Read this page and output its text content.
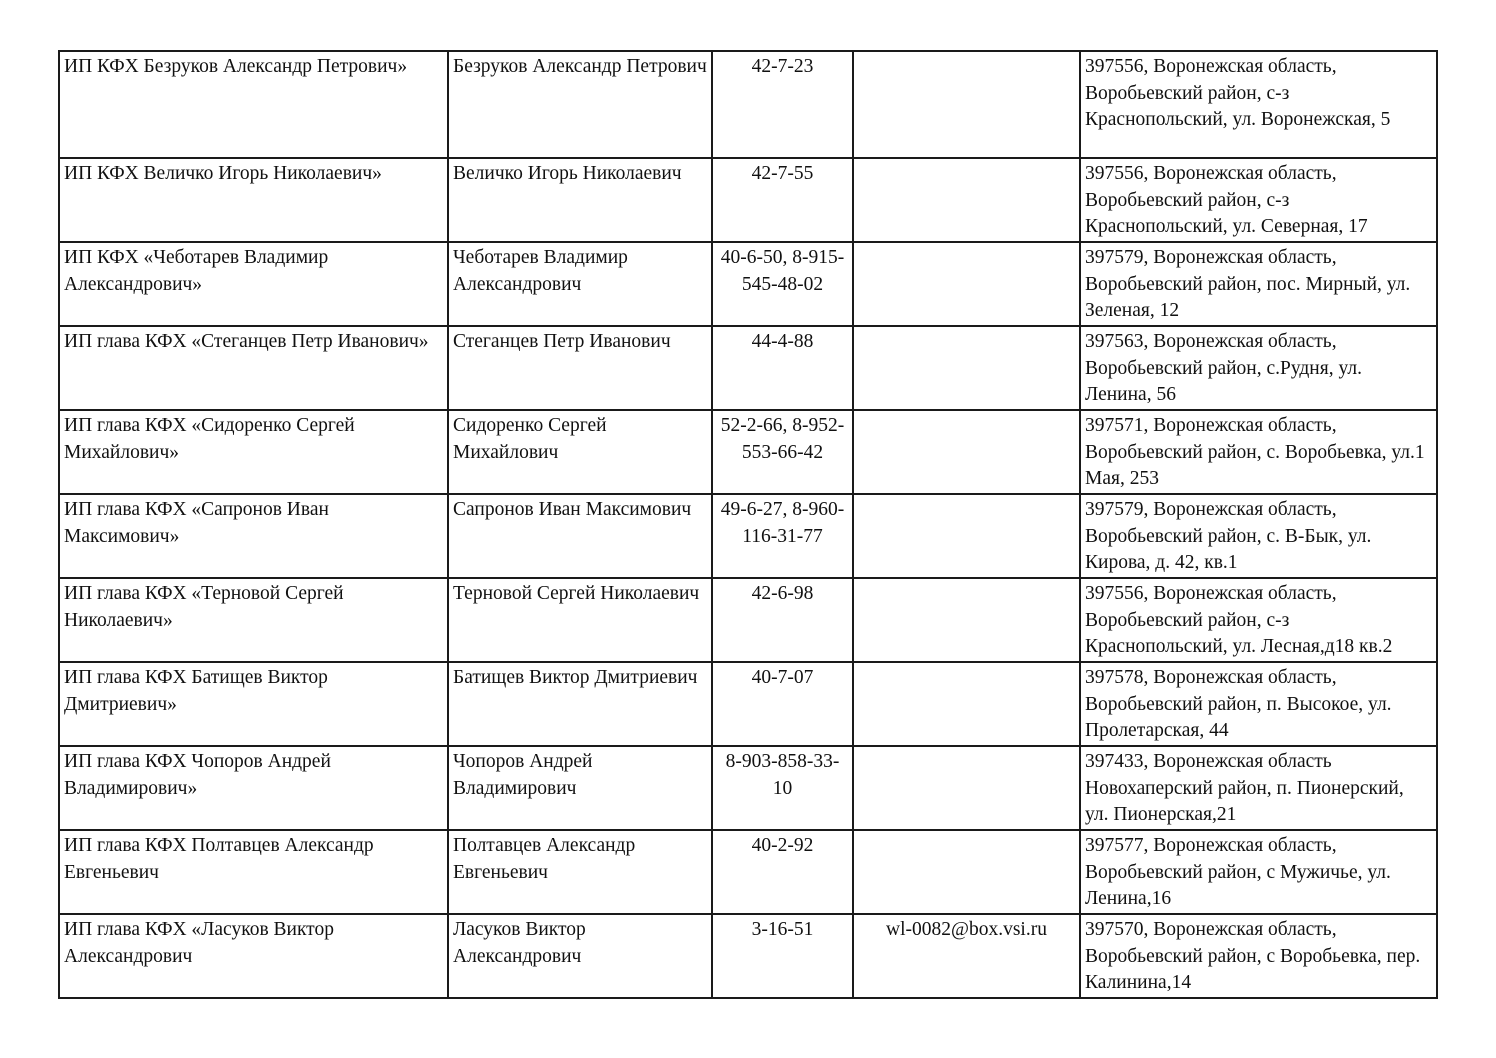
ИП КФХ Безруков Александр Петрович»	Безруков Александр Петрович	42-7-23		397556, Воронежская область, Воробьевский район, с-з Краснопольский, ул. Воронежская, 5
ИП КФХ Величко Игорь Николаевич»	Величко Игорь Николаевич	42-7-55		397556, Воронежская область, Воробьевский район, с-з Краснопольский, ул. Северная, 17
ИП КФХ «Чеботарев Владимир Александрович»	Чеботарев Владимир Александрович	40-6-50, 8-915-545-48-02		397579, Воронежская область, Воробьевский район, пос. Мирный, ул. Зеленая, 12
ИП глава КФХ «Стеганцев Петр Иванович»	Стеганцев Петр Иванович	44-4-88		397563, Воронежская область, Воробьевский район, с.Рудня, ул. Ленина, 56
ИП глава КФХ «Сидоренко Сергей Михайлович»	Сидоренко Сергей Михайлович	52-2-66, 8-952-553-66-42		397571, Воронежская область, Воробьевский район, с. Воробьевка, ул.1 Мая, 253
ИП глава КФХ «Сапронов Иван Максимович»	Сапронов Иван Максимович	49-6-27, 8-960-116-31-77		397579, Воронежская область, Воробьевский район, с. В-Бык, ул. Кирова, д. 42, кв.1
ИП глава КФХ «Терновой Сергей Николаевич»	Терновой Сергей Николаевич	42-6-98		397556, Воронежская область, Воробьевский район, с-з Краснопольский, ул. Лесная,д18 кв.2
ИП глава КФХ Батищев Виктор Дмитриевич»	Батищев Виктор Дмитриевич	40-7-07		397578, Воронежская область, Воробьевский район, п. Высокое, ул. Пролетарская, 44
ИП глава КФХ Чопоров Андрей Владимирович»	Чопоров Андрей Владимирович	8-903-858-33-10		397433, Воронежская область Новохаперский район, п. Пионерский, ул. Пионерская,21
ИП глава КФХ Полтавцев Александр Евгеньевич	Полтавцев Александр Евгеньевич	40-2-92		397577, Воронежская область, Воробьевский район, с Мужичье, ул. Ленина,16
ИП глава КФХ «Ласуков Виктор Александрович	Ласуков Виктор Александрович	3-16-51	wl-0082@box.vsi.ru	397570, Воронежская область, Воробьевский район, с Воробьевка, пер. Калинина,14
